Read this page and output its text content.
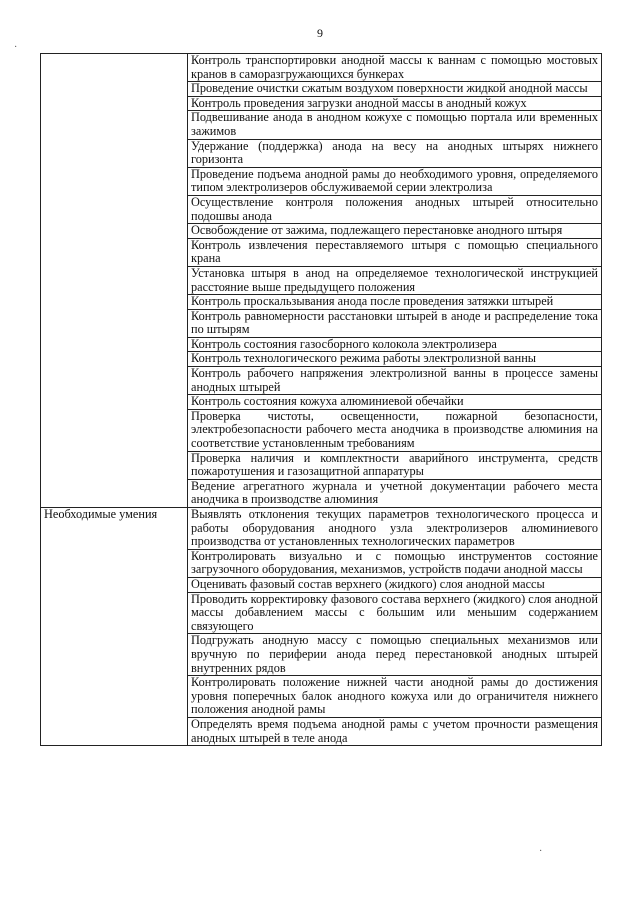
9
	Контроль транспортировки анодной массы к ваннам с помощью мостовых кранов в саморазгружающихся бункерах
	Проведение очистки сжатым воздухом поверхности жидкой анодной массы
	Контроль проведения загрузки анодной массы в анодный кожух
	Подвешивание анода в анодном кожухе с помощью портала или временных зажимов
	Удержание (поддержка) анода на весу на анодных штырях нижнего горизонта
	Проведение подъема анодной рамы до необходимого уровня, определяемого типом электролизеров обслуживаемой серии электролиза
	Осуществление контроля положения анодных штырей относительно подошвы анода
	Освобождение от зажима, подлежащего перестановке анодного штыря
	Контроль извлечения переставляемого штыря с помощью специального крана
	Установка штыря в анод на определяемое технологической инструкцией расстояние выше предыдущего положения
	Контроль проскальзывания анода после проведения затяжки штырей
	Контроль равномерности расстановки штырей в аноде и распределение тока по штырям
	Контроль состояния газосборного колокола электролизера
	Контроль технологического режима работы электролизной ванны
	Контроль рабочего напряжения электролизной ванны в процессе замены анодных штырей
	Контроль состояния кожуха алюминиевой обечайки
	Проверка чистоты, освещенности, пожарной безопасности, электробезопасности рабочего места анодчика в производстве алюминия на соответствие установленным требованиям
	Проверка наличия и комплектности аварийного инструмента, средств пожаротушения и газозащитной аппаратуры
	Ведение агрегатного журнала и учетной документации рабочего места анодчика в производстве алюминия
Необходимые умения	Выявлять отклонения текущих параметров технологического процесса и работы оборудования анодного узла электролизеров алюминиевого производства от установленных технологических параметров
	Контролировать визуально и с помощью инструментов состояние загрузочного оборудования, механизмов, устройств подачи анодной массы
	Оценивать фазовый состав верхнего (жидкого) слоя анодной массы
	Проводить корректировку фазового состава верхнего (жидкого) слоя анодной массы добавлением массы с большим или меньшим содержанием связующего
	Подгружать анодную массу с помощью специальных механизмов или вручную по периферии анода перед перестановкой анодных штырей внутренних рядов
	Контролировать положение нижней части анодной рамы до достижения уровня поперечных балок анодного кожуха или до ограничителя нижнего положения анодной рамы
	Определять время подъема анодной рамы с учетом прочности размещения анодных штырей в теле анода
·
·
